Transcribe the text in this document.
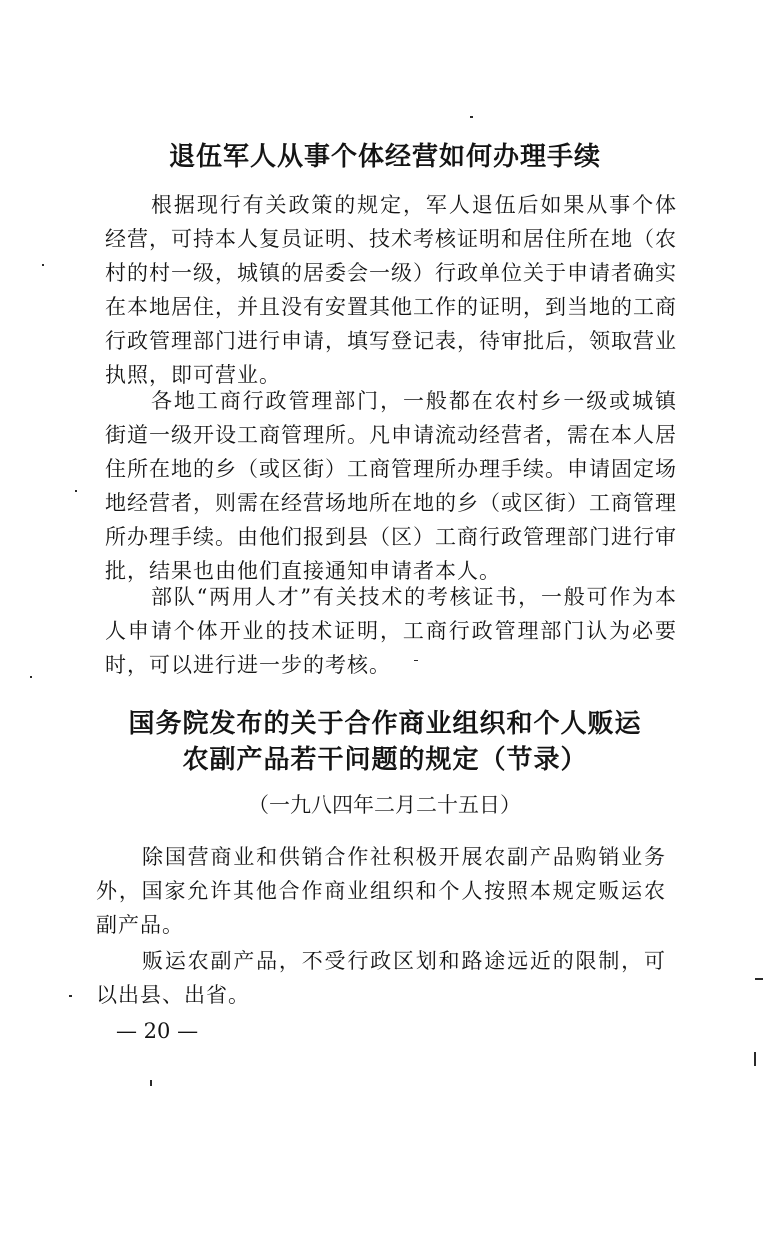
退伍军人从事个体经营如何办理手续

根据现行有关政策的规定，军人退伍后如果从事个体经营，可持本人复员证明、技术考核证明和居住所在地（农村的村一级，城镇的居委会一级）行政单位关于申请者确实在本地居住，并且没有安置其他工作的证明，到当地的工商行政管理部门进行申请，填写登记表，待审批后，领取营业执照，即可营业。

各地工商行政管理部门，一般都在农村乡一级或城镇街道一级开设工商管理所。凡申请流动经营者，需在本人居住所在地的乡（或区街）工商管理所办理手续。申请固定场地经营者，则需在经营场地所在地的乡（或区街）工商管理所办理手续。由他们报到县（区）工商行政管理部门进行审批，结果也由他们直接通知申请者本人。

部队“两用人才”有关技术的考核证书，一般可作为本人申请个体开业的技术证明，工商行政管理部门认为必要时，可以进行进一步的考核。

国务院发布的关于合作商业组织和个人贩运
农副产品若干问题的规定（节录）

（一九八四年二月二十五日）

除国营商业和供销合作社积极开展农副产品购销业务外，国家允许其他合作商业组织和个人按照本规定贩运农副产品。

贩运农副产品，不受行政区划和路途远近的限制，可以出县、出省。

— 20 —
